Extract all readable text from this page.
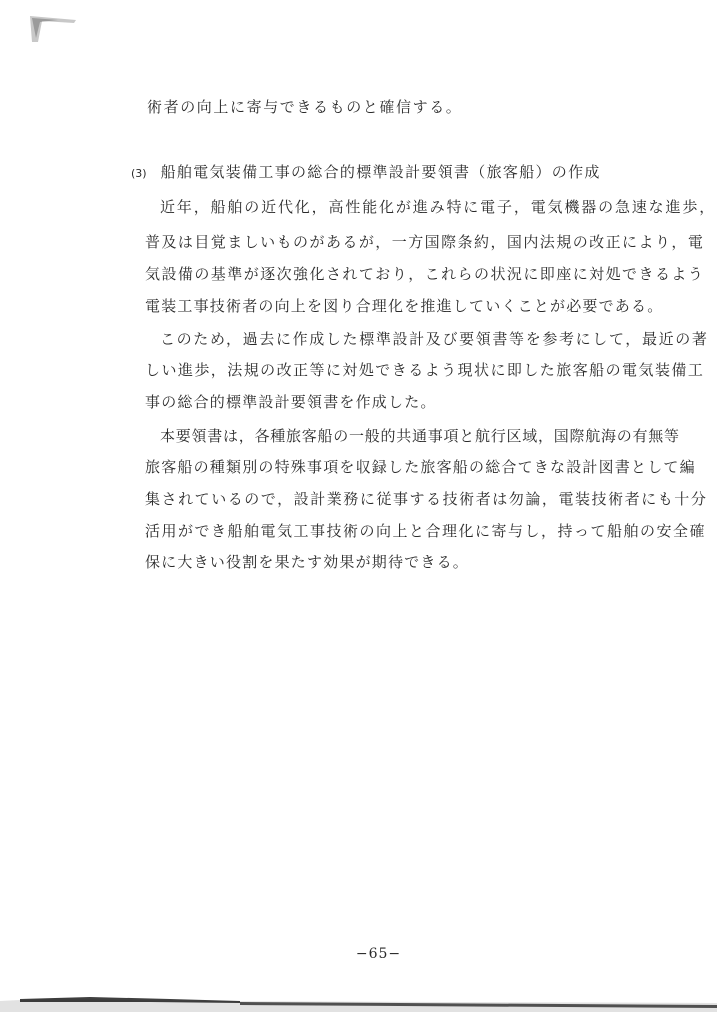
術者の向上に寄与できるものと確信する。
(3) 船舶電気装備工事の総合的標準設計要領書（旅客船）の作成
近年，船舶の近代化，高性能化が進み特に電子，電気機器の急速な進歩，
普及は目覚ましいものがあるが，一方国際条約，国内法規の改正により，電
気設備の基準が逐次強化されており，これらの状況に即座に対処できるよう
電装工事技術者の向上を図り合理化を推進していくことが必要である。
このため，過去に作成した標準設計及び要領書等を参考にして，最近の著
しい進歩，法規の改正等に対処できるよう現状に即した旅客船の電気装備工
事の総合的標準設計要領書を作成した。
本要領書は，各種旅客船の一般的共通事項と航行区域，国際航海の有無等
旅客船の種類別の特殊事項を収録した旅客船の総合てきな設計図書として編
集されているので，設計業務に従事する技術者は勿論，電装技術者にも十分
活用ができ船舶電気工事技術の向上と合理化に寄与し，持って船舶の安全確
保に大きい役割を果たす効果が期待できる。
−65−
